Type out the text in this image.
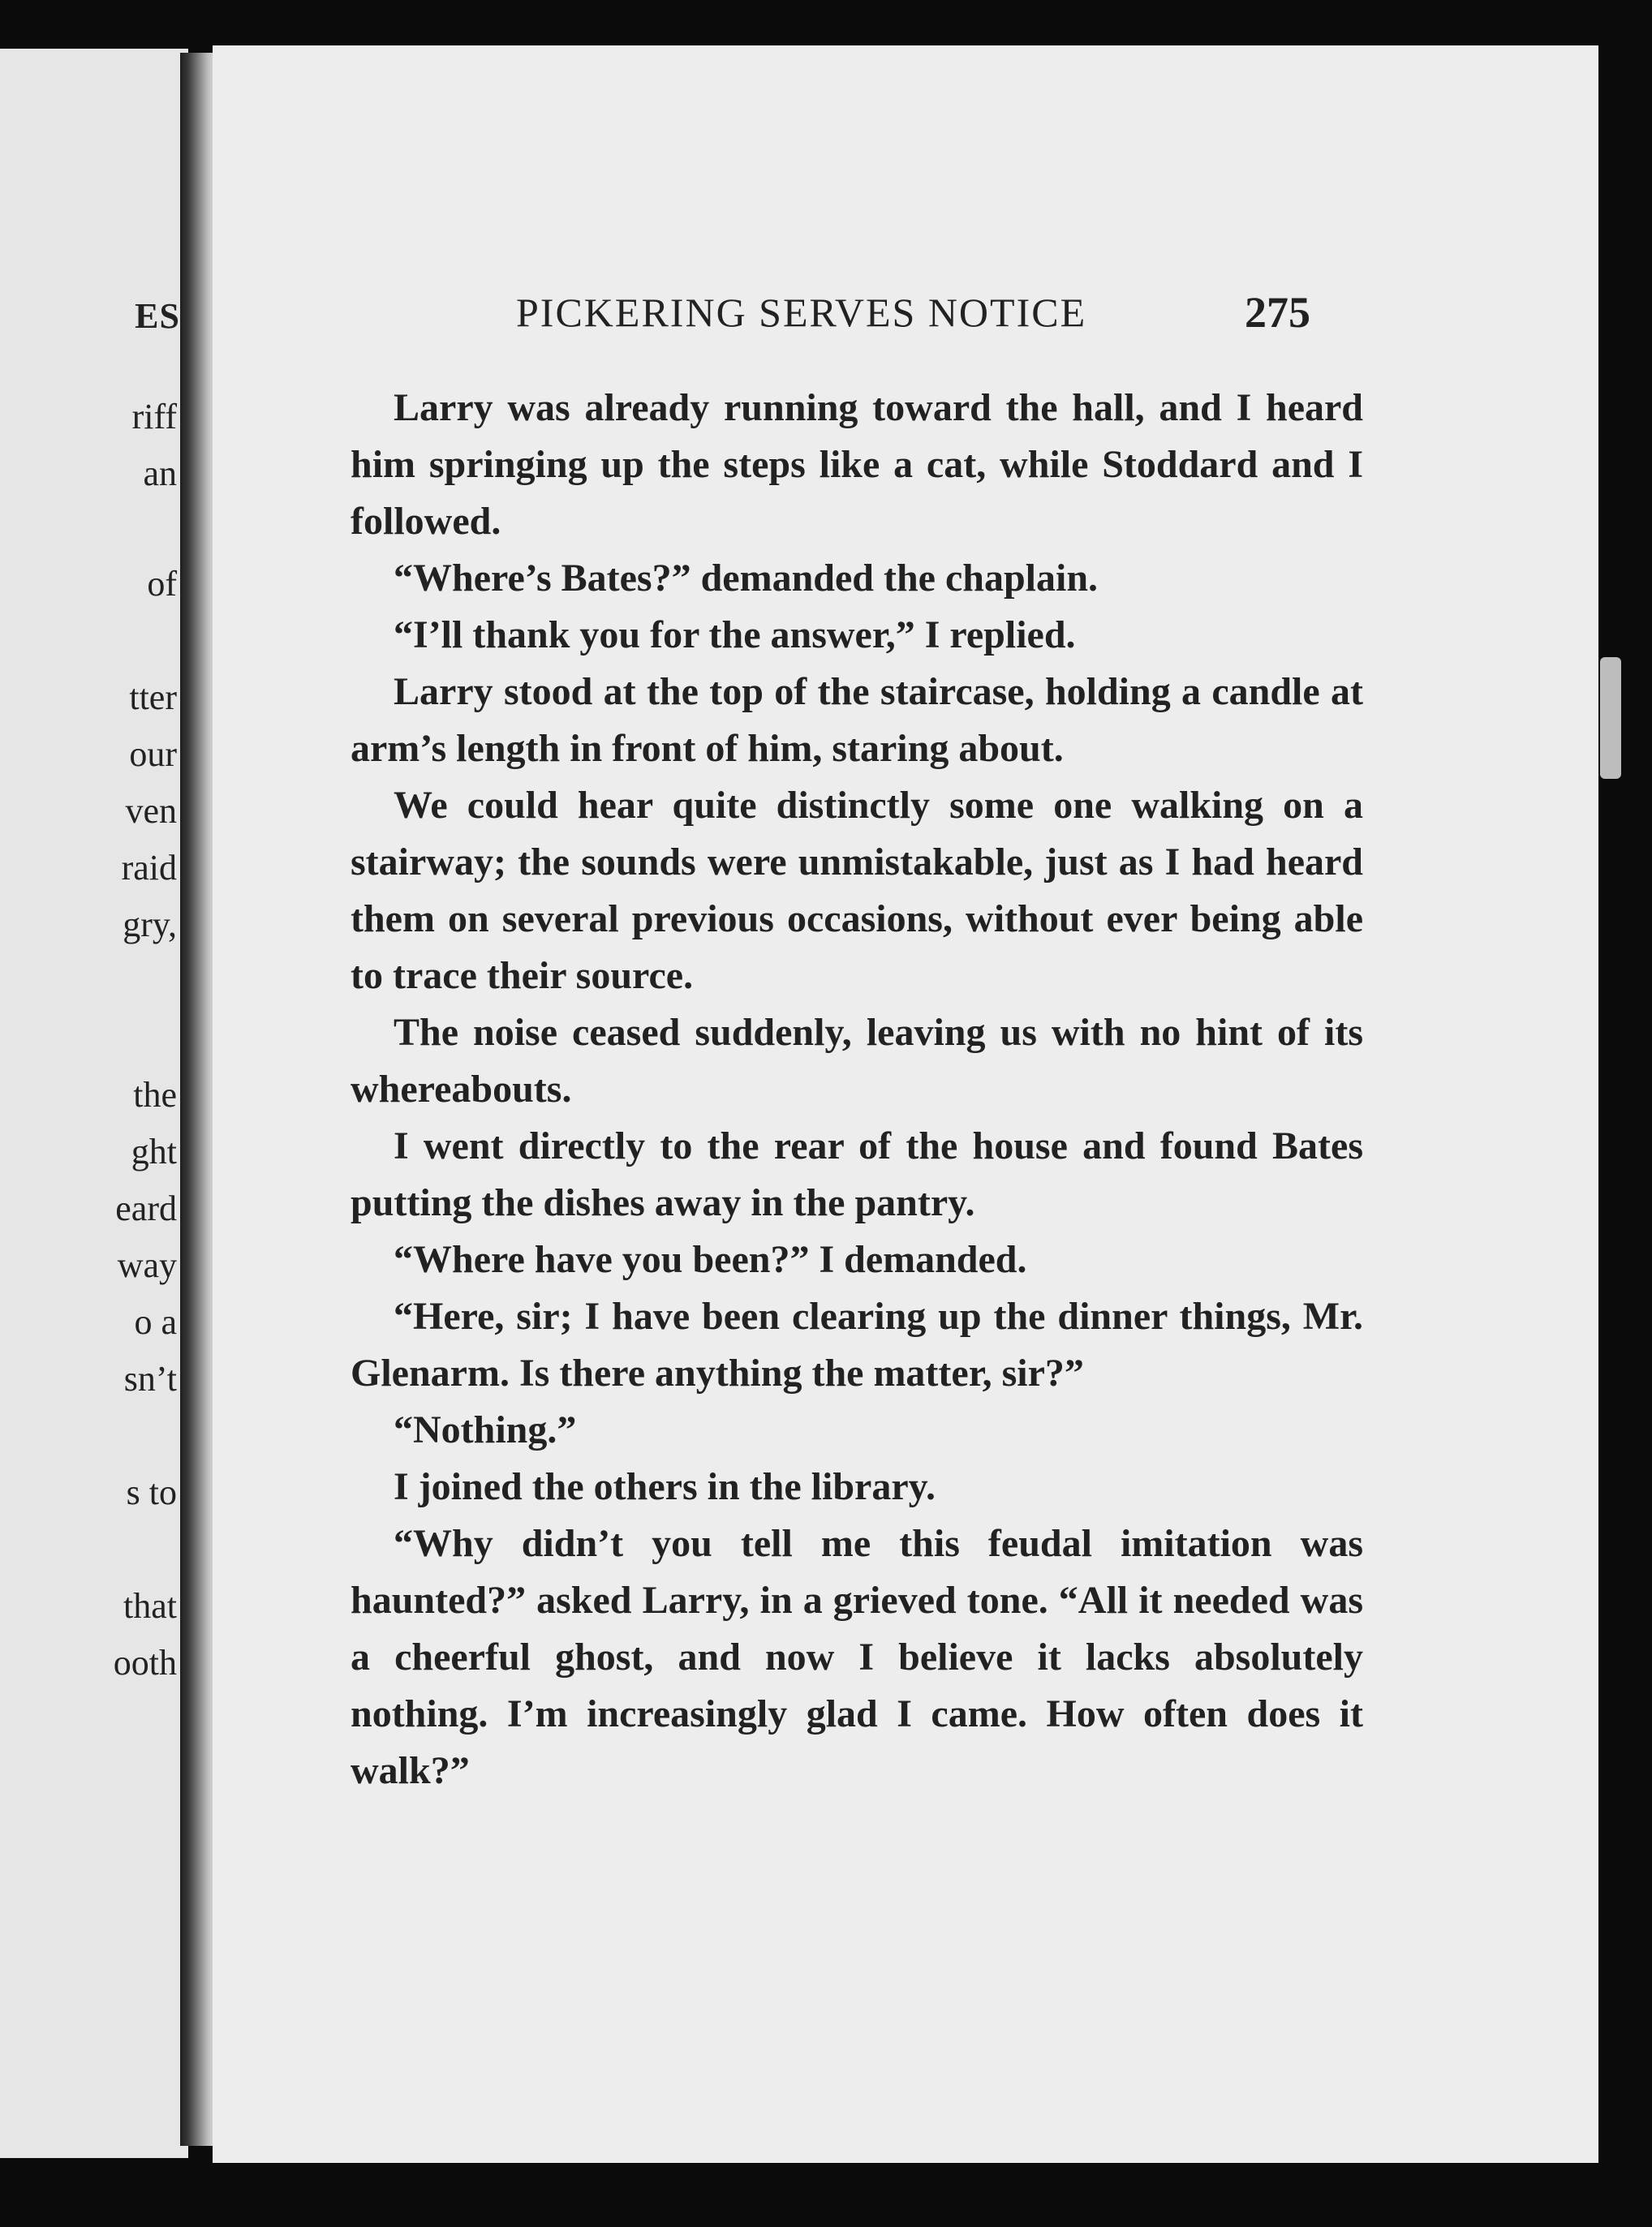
ES
riff
an
of
tter
our
ven
raid
gry,
the
ght
eard
way
o a
sn’t
s to
that
ooth
PICKERING SERVES NOTICE	275

Larry was already running toward the hall, and I heard him springing up the steps like a cat, while Stoddard and I followed.

“Where’s Bates?” demanded the chaplain.

“I’ll thank you for the answer,” I replied.

Larry stood at the top of the staircase, holding a candle at arm’s length in front of him, staring about.

We could hear quite distinctly some one walking on a stairway; the sounds were unmistakable, just as I had heard them on several previous occasions, without ever being able to trace their source.

The noise ceased suddenly, leaving us with no hint of its whereabouts.

I went directly to the rear of the house and found Bates putting the dishes away in the pantry.

“Where have you been?” I demanded.

“Here, sir; I have been clearing up the dinner things, Mr. Glenarm. Is there anything the matter, sir?”

“Nothing.”

I joined the others in the library.

“Why didn’t you tell me this feudal imitation was haunted?” asked Larry, in a grieved tone. “All it needed was a cheerful ghost, and now I believe it lacks absolutely nothing. I’m increasingly glad I came. How often does it walk?”
